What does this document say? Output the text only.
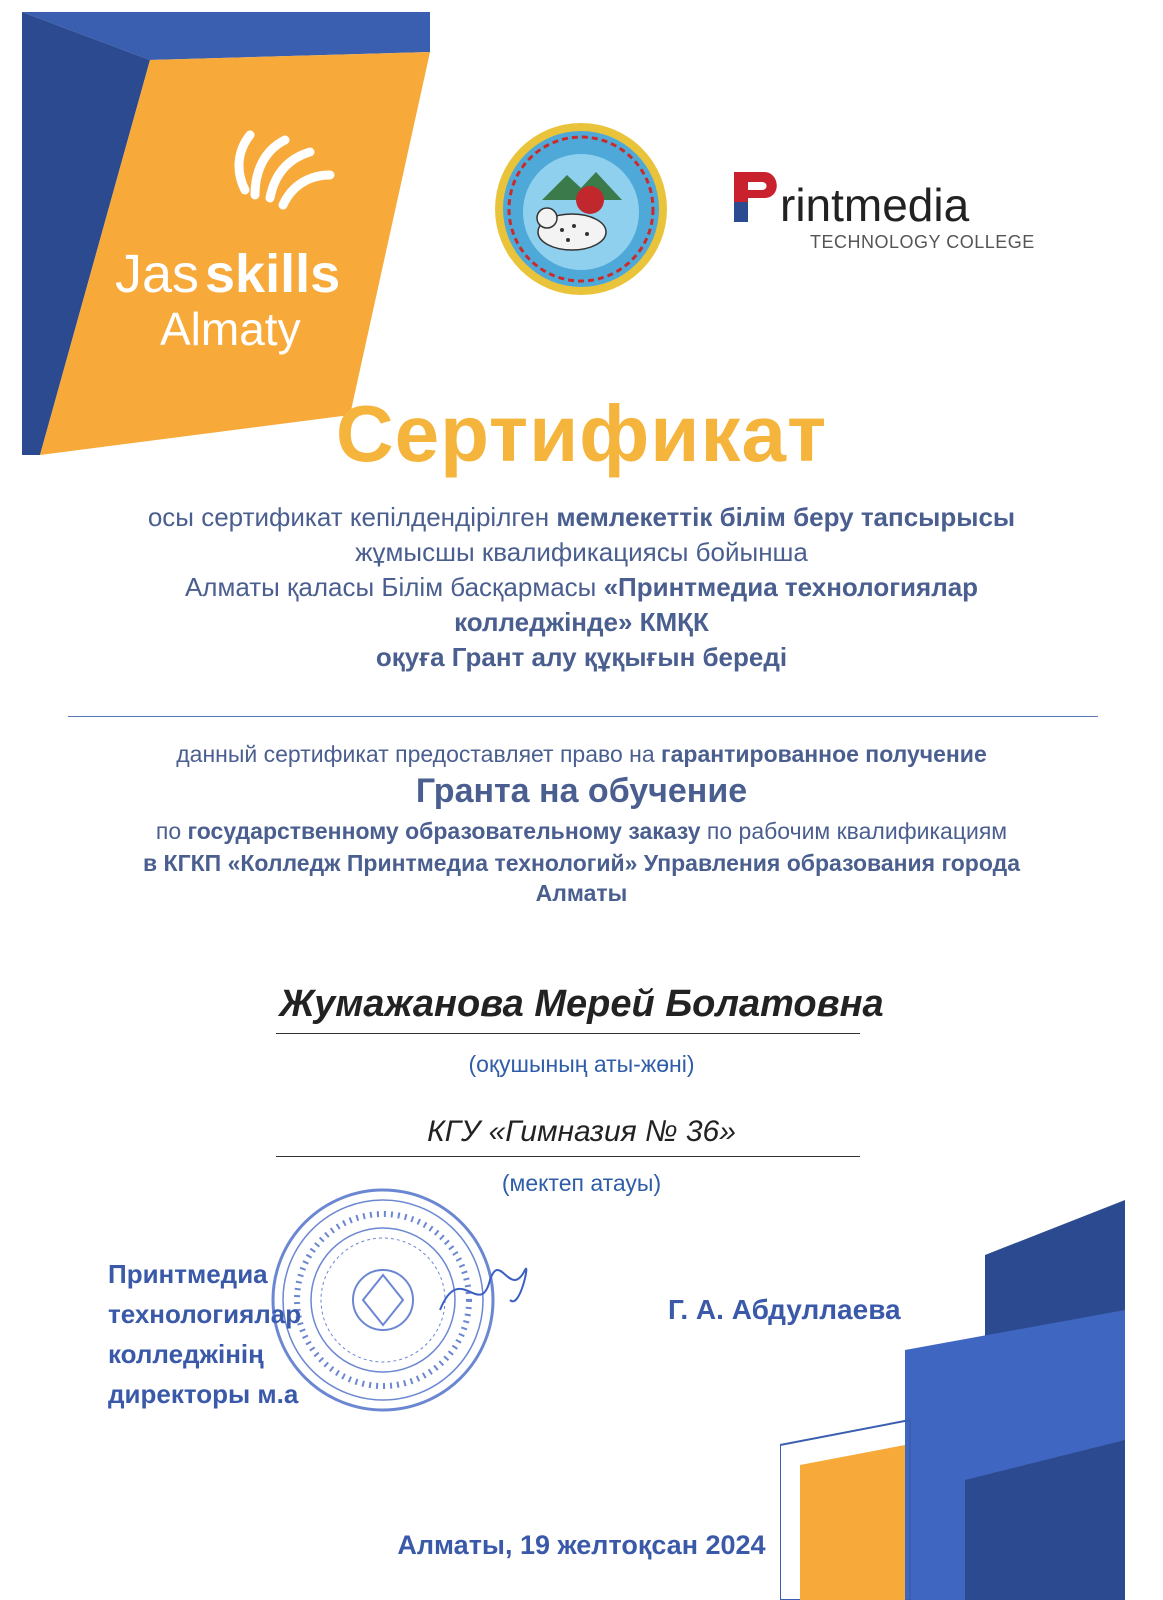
Jas skills
Almaty
rintmedia
TECHNOLOGY COLLEGE
Сертификат
осы сертификат кепілдендірілген мемлекеттік білім беру тапсырысы
жұмысшы квалификациясы бойынша
Алматы қаласы Білім басқармасы «Принтмедиа технологиялар
колледжінде» КМҚК
оқуға Грант алу құқығын береді
данный сертификат предоставляет право на гарантированное получение
Гранта на обучение
по государственному образовательному заказу по рабочим квалификациям
в КГКП «Колледж Принтмедиа технологий» Управления образования города
Алматы
Жумажанова Мерей Болатовна
(оқушының аты-жөні)
КГУ «Гимназия № 36»
(мектеп атауы)
Принтмедиа
технологиялар
колледжінің
директоры м.а
Г. А. Абдуллаева
Алматы, 19 желтоқсан 2024
